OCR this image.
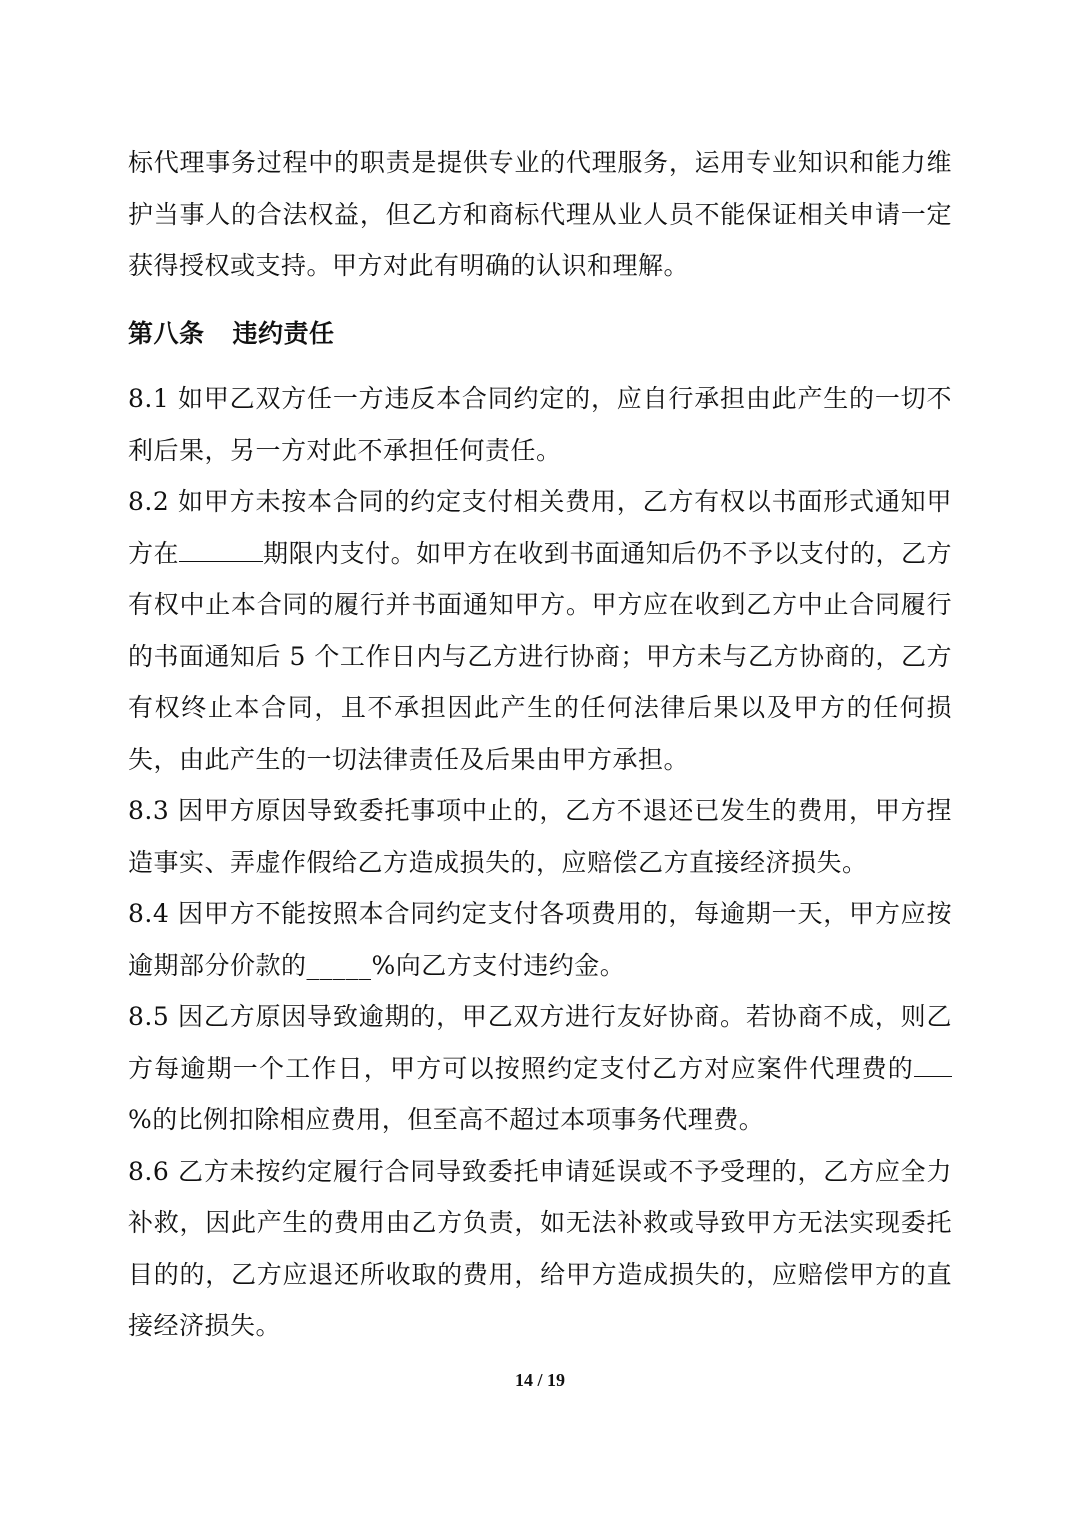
标代理事务过程中的职责是提供专业的代理服务，运用专业知识和能力维护当事人的合法权益，但乙方和商标代理从业人员不能保证相关申请一定获得授权或支持。甲方对此有明确的认识和理解。
第八条 违约责任
8.1 如甲乙双方任一方违反本合同约定的，应自行承担由此产生的一切不利后果，另一方对此不承担任何责任。
8.2 如甲方未按本合同的约定支付相关费用，乙方有权以书面形式通知甲方在	期限内支付。如甲方在收到书面通知后仍不予以支付的，乙方有权中止本合同的履行并书面通知甲方。甲方应在收到乙方中止合同履行的书面通知后 5 个工作日内与乙方进行协商；甲方未与乙方协商的，乙方有权终止本合同，且不承担因此产生的任何法律后果以及甲方的任何损失，由此产生的一切法律责任及后果由甲方承担。
8.3 因甲方原因导致委托事项中止的，乙方不退还已发生的费用，甲方捏造事实、弄虚作假给乙方造成损失的，应赔偿乙方直接经济损失。
8.4 因甲方不能按照本合同约定支付各项费用的，每逾期一天，甲方应按逾期部分价款的_____%向乙方支付违约金。
8.5 因乙方原因导致逾期的，甲乙双方进行友好协商。若协商不成，则乙方每逾期一个工作日，甲方可以按照约定支付乙方对应案件代理费的%的比例扣除相应费用，但至高不超过本项事务代理费。
8.6 乙方未按约定履行合同导致委托申请延误或不予受理的，乙方应全力补救，因此产生的费用由乙方负责，如无法补救或导致甲方无法实现委托目的的，乙方应退还所收取的费用，给甲方造成损失的，应赔偿甲方的直接经济损失。
14 / 19
